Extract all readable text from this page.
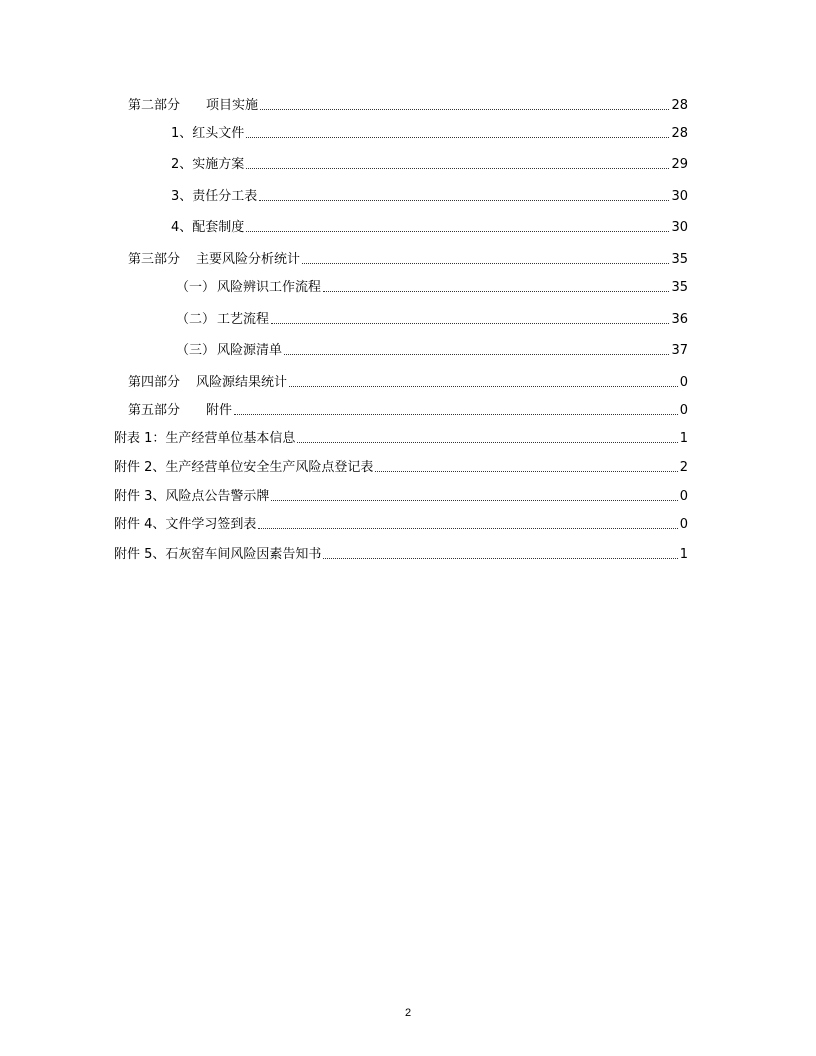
第二部分 项目实施	28
1、红头文件	28
2、实施方案	29
3、责任分工表	30
4、配套制度	30
第三部分 主要风险分析统计	35
（一） 风险辨识工作流程	35
（二） 工艺流程	36
（三） 风险源清单	37
第四部分 风险源结果统计	0
第五部分 附件	0
附表 1：生产经营单位基本信息	1
附件 2、生产经营单位安全生产风险点登记表	2
附件 3、风险点公告警示牌	0
附件 4、文件学习签到表	0
附件 5、石灰窑车间风险因素告知书	1
2
